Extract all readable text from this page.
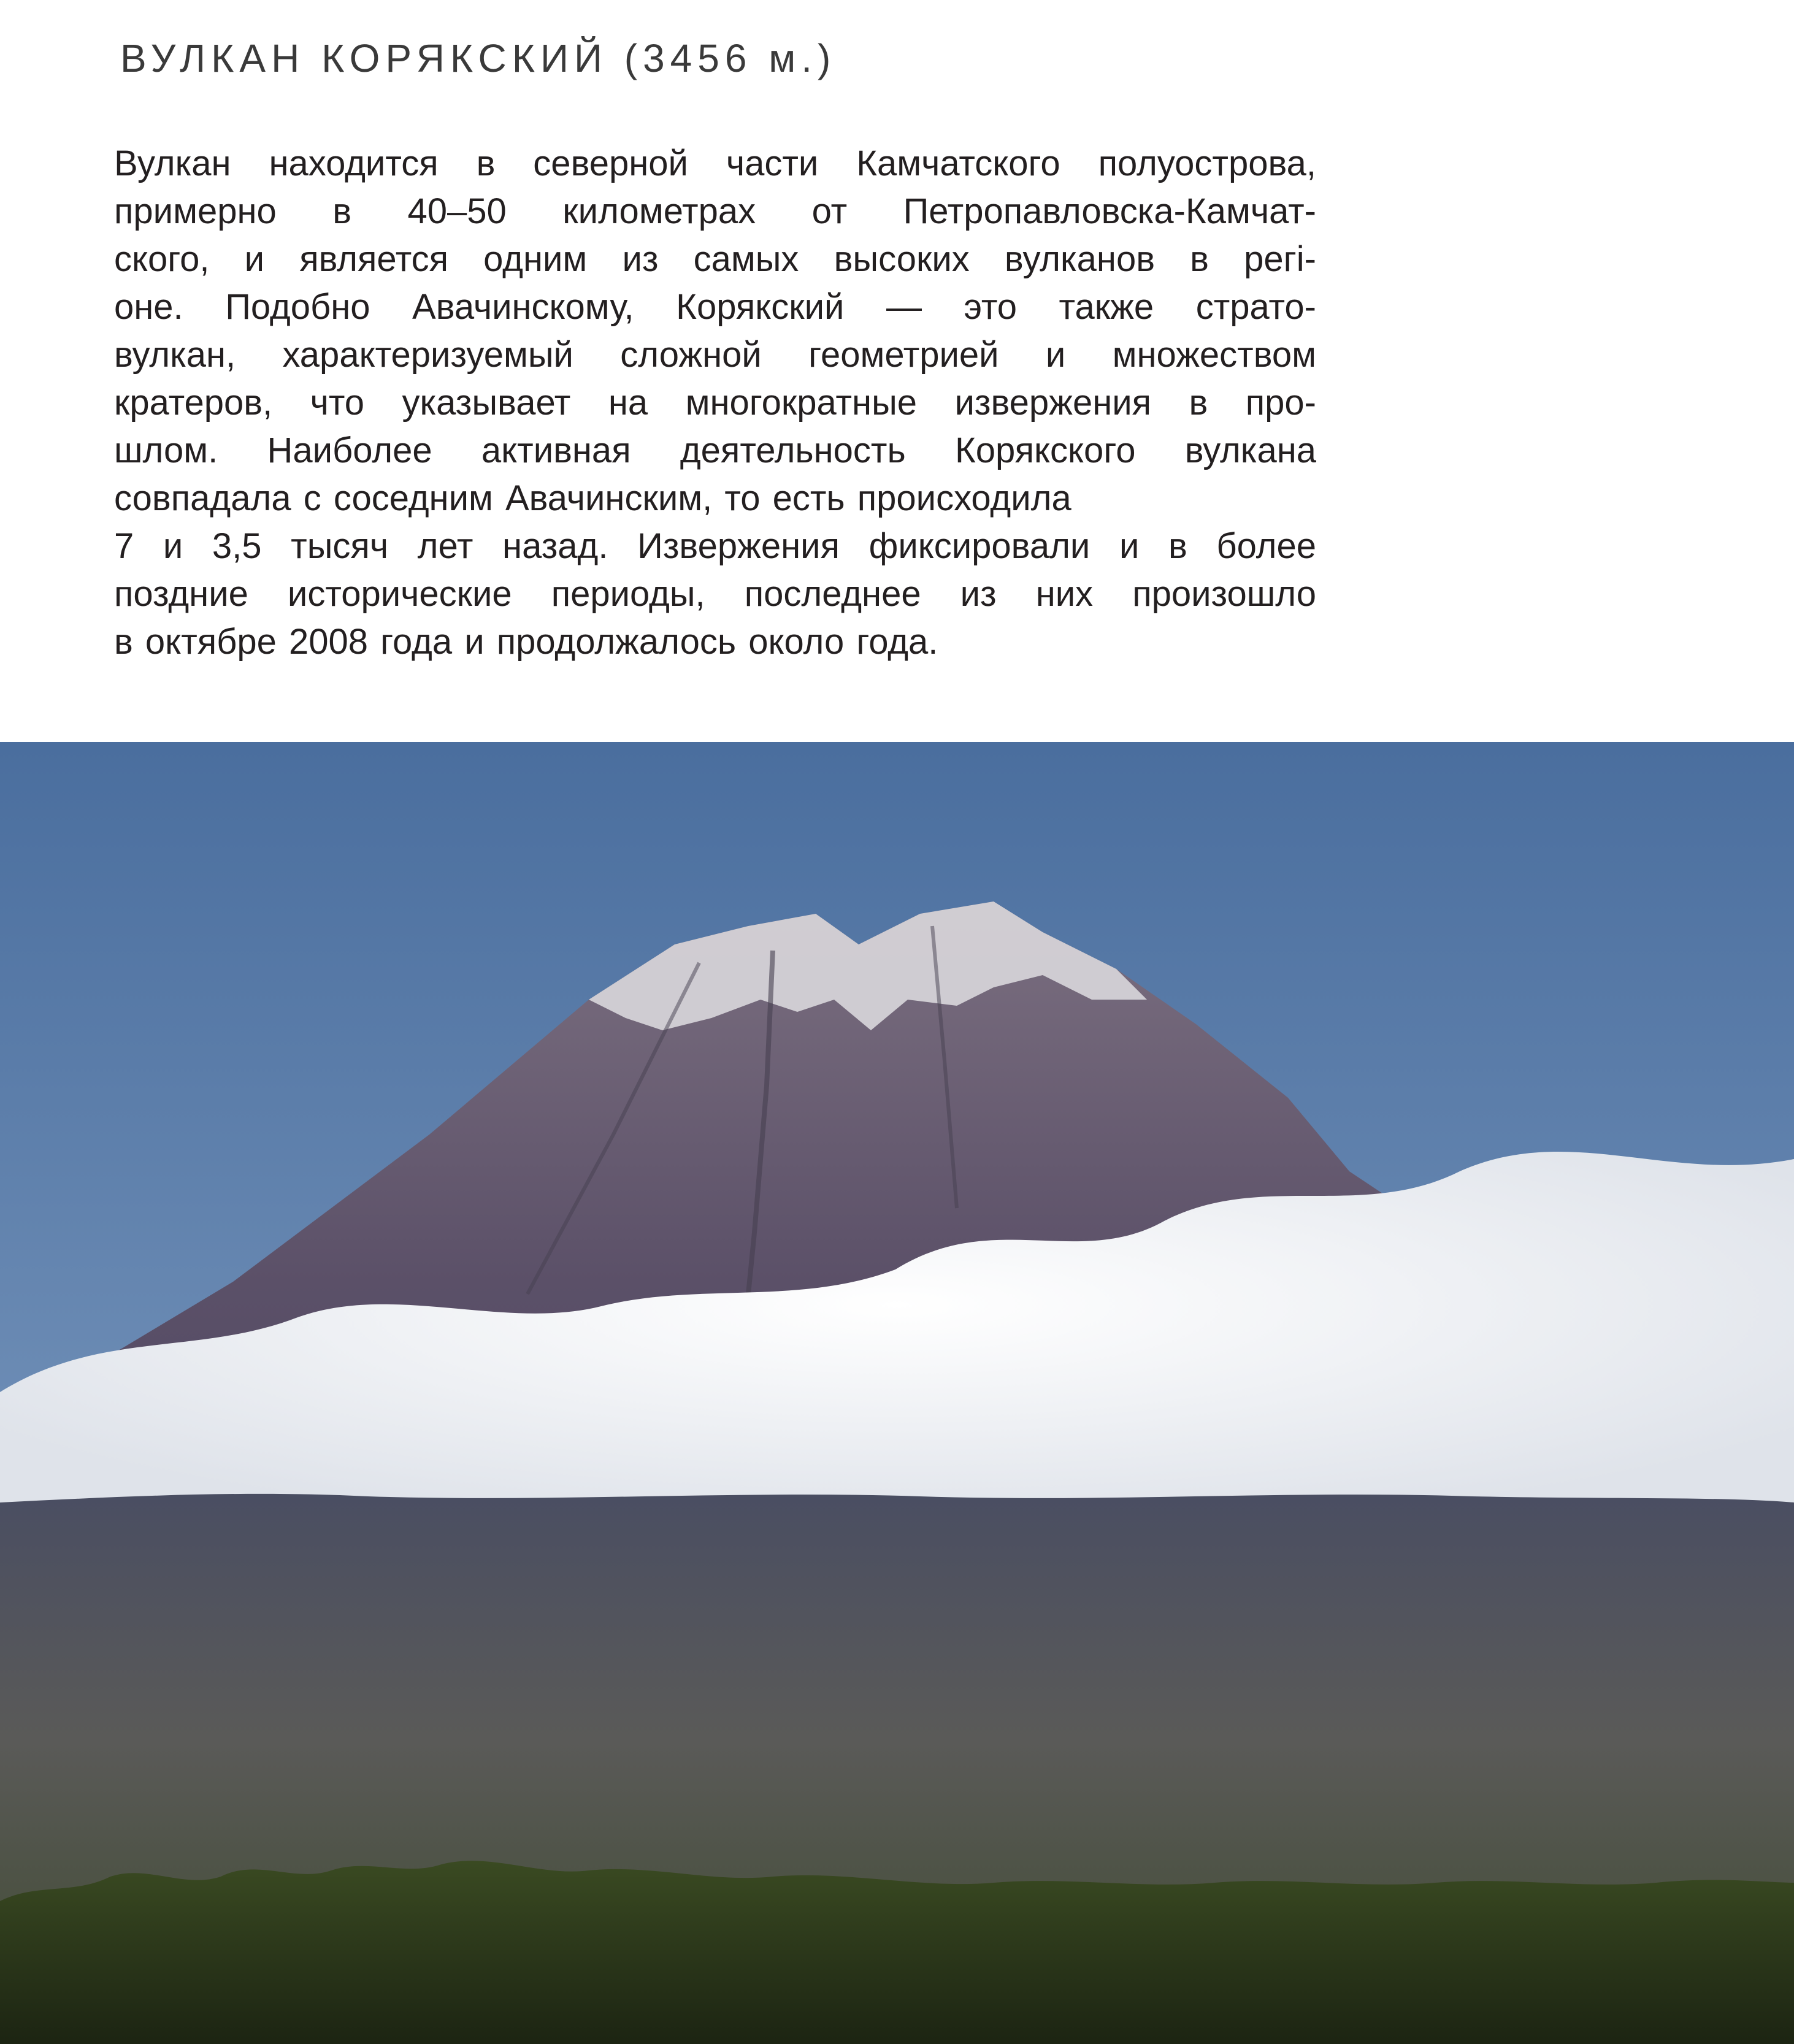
ВУЛКАН КОРЯКСКИЙ (3456 м.)
Вулкан находится в северной части Камчатского полуострова,
примерно в 40–50 километрах от Петропавловска-Камчат-
ского, и является одним из самых высоких вулканов в регi-
оне. Подобно Авачинскому, Корякский — это также страто-
вулкан, характеризуемый сложной геометрией и множеством
кратеров, что указывает на многократные извержения в про-
шлом. Наиболее активная деятельность Корякского вулкана
совпадала с соседним Авачинским, то есть происходила
7 и 3,5 тысяч лет назад. Извержения фиксировали и в более
поздние исторические периоды, последнее из них произошло
в октябре 2008 года и продолжалось около года.
